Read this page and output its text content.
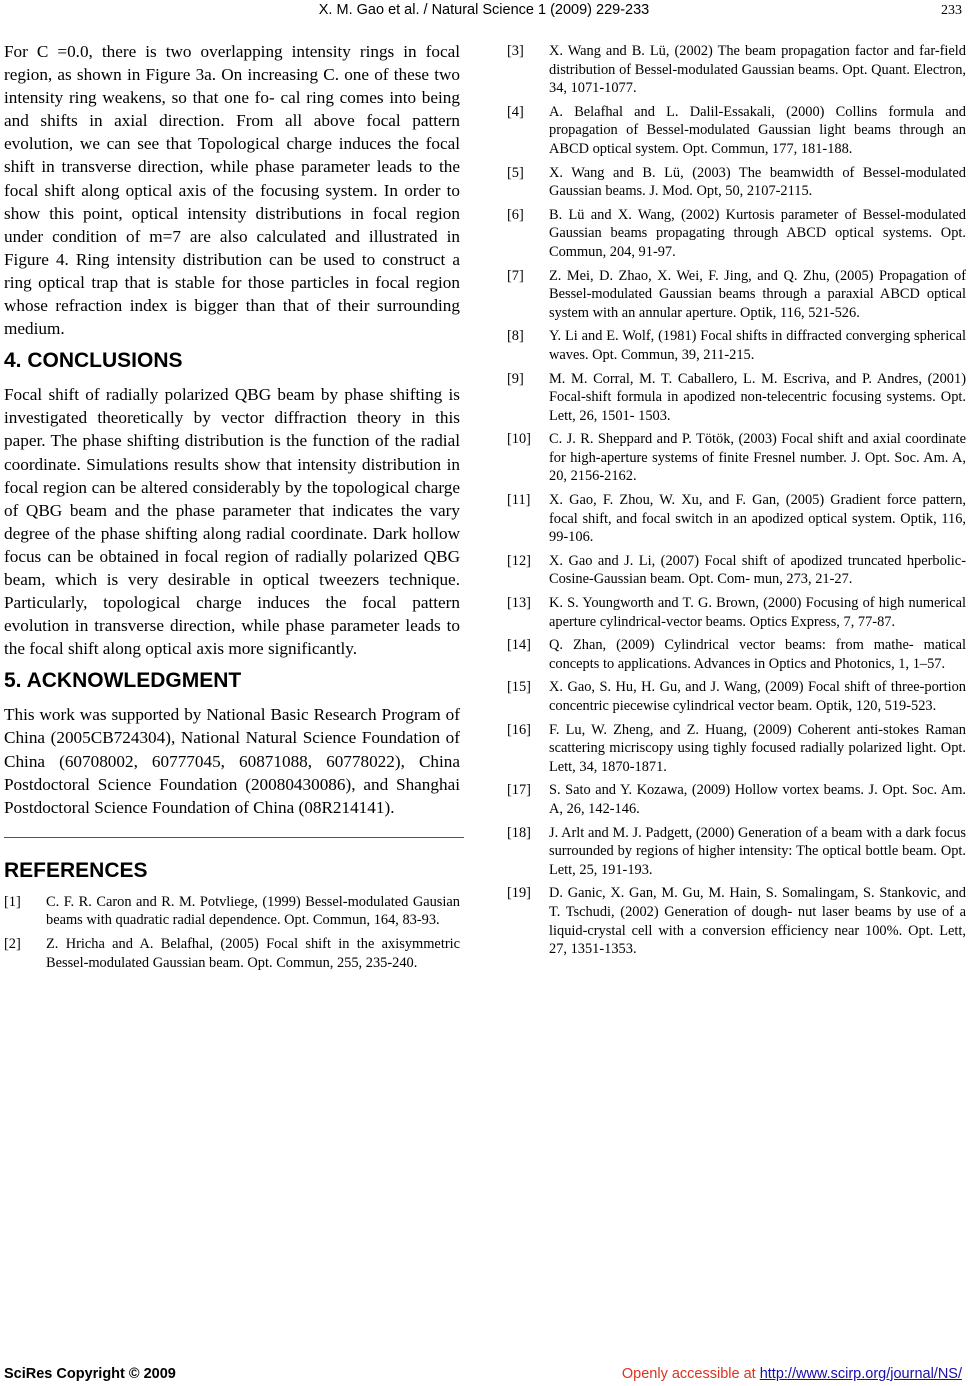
X. M. Gao et al. / Natural Science 1 (2009) 229-233	233

For C =0.0, there is two overlapping intensity rings in focal region, as shown in Figure 3a. On increasing C. one of these two intensity ring weakens, so that one fo- cal ring comes into being and shifts in axial direction. From all above focal pattern evolution, we can see that Topological charge induces the focal shift in transverse direction, while phase parameter leads to the focal shift along optical axis of the focusing system. In order to show this point, optical intensity distributions in focal region under condition of m=7 are also calculated and illustrated in Figure 4. Ring intensity distribution can be used to construct a ring optical trap that is stable for those particles in focal region whose refraction index is bigger than that of their surrounding medium.

4. CONCLUSIONS

Focal shift of radially polarized QBG beam by phase shifting is investigated theoretically by vector diffraction theory in this paper. The phase shifting distribution is the function of the radial coordinate. Simulations results show that intensity distribution in focal region can be altered considerably by the topological charge of QBG beam and the phase parameter that indicates the vary degree of the phase shifting along radial coordinate. Dark hollow focus can be obtained in focal region of radially polarized QBG beam, which is very desirable in optical tweezers technique. Particularly, topological charge induces the focal pattern evolution in transverse direction, while phase parameter leads to the focal shift along optical axis more significantly.

5. ACKNOWLEDGMENT

This work was supported by National Basic Research Program of China (2005CB724304), National Natural Science Foundation of China (60708002, 60777045, 60871088, 60778022), China Postdoctoral Science Foundation (20080430086), and Shanghai Postdoctoral Science Foundation of China (08R214141).

REFERENCES
[1] C. F. R. Caron and R. M. Potvliege, (1999) Bessel-modulated Gausian beams with quadratic radial dependence. Opt. Commun, 164, 83-93.
[2] Z. Hricha and A. Belafhal, (2005) Focal shift in the axisymmetric Bessel-modulated Gaussian beam. Opt. Commun, 255, 235-240.
[3] X. Wang and B. Lü, (2002) The beam propagation factor and far-field distribution of Bessel-modulated Gaussian beams. Opt. Quant. Electron, 34, 1071-1077.
[4] A. Belafhal and L. Dalil-Essakali, (2000) Collins formula and propagation of Bessel-modulated Gaussian light beams through an ABCD optical system. Opt. Commun, 177, 181-188.
[5] X. Wang and B. Lü, (2003) The beamwidth of Bessel-modulated Gaussian beams. J. Mod. Opt, 50, 2107-2115.
[6] B. Lü and X. Wang, (2002) Kurtosis parameter of Bessel-modulated Gaussian beams propagating through ABCD optical systems. Opt. Commun, 204, 91-97.
[7] Z. Mei, D. Zhao, X. Wei, F. Jing, and Q. Zhu, (2005) Propagation of Bessel-modulated Gaussian beams through a paraxial ABCD optical system with an annular aperture. Optik, 116, 521-526.
[8] Y. Li and E. Wolf, (1981) Focal shifts in diffracted converging spherical waves. Opt. Commun, 39, 211-215.
[9] M. M. Corral, M. T. Caballero, L. M. Escriva, and P. Andres, (2001) Focal-shift formula in apodized non-telecentric focusing systems. Opt. Lett, 26, 1501- 1503.
[10] C. J. R. Sheppard and P. Tötök, (2003) Focal shift and axial coordinate for high-aperture systems of finite Fresnel number. J. Opt. Soc. Am. A, 20, 2156-2162.
[11] X. Gao, F. Zhou, W. Xu, and F. Gan, (2005) Gradient force pattern, focal shift, and focal switch in an apodized optical system. Optik, 116, 99-106.
[12] X. Gao and J. Li, (2007) Focal shift of apodized truncated hperbolic-Cosine-Gaussian beam. Opt. Com- mun, 273, 21-27.
[13] K. S. Youngworth and T. G. Brown, (2000) Focusing of high numerical aperture cylindrical-vector beams. Optics Express, 7, 77-87.
[14] Q. Zhan, (2009) Cylindrical vector beams: from mathe- matical concepts to applications. Advances in Optics and Photonics, 1, 1–57.
[15] X. Gao, S. Hu, H. Gu, and J. Wang, (2009) Focal shift of three-portion concentric piecewise cylindrical vector beam. Optik, 120, 519-523.
[16] F. Lu, W. Zheng, and Z. Huang, (2009) Coherent anti-stokes Raman scattering micriscopy using tighly focused radially polarized light. Opt. Lett, 34, 1870-1871.
[17] S. Sato and Y. Kozawa, (2009) Hollow vortex beams. J. Opt. Soc. Am. A, 26, 142-146.
[18] J. Arlt and M. J. Padgett, (2000) Generation of a beam with a dark focus surrounded by regions of higher intensity: The optical bottle beam. Opt. Lett, 25, 191-193.
[19] D. Ganic, X. Gan, M. Gu, M. Hain, S. Somalingam, S. Stankovic, and T. Tschudi, (2002) Generation of dough- nut laser beams by use of a liquid-crystal cell with a conversion efficiency near 100%. Opt. Lett, 27, 1351-1353.
SciRes Copyright © 2009	Openly accessible at http://www.scirp.org/journal/NS/
